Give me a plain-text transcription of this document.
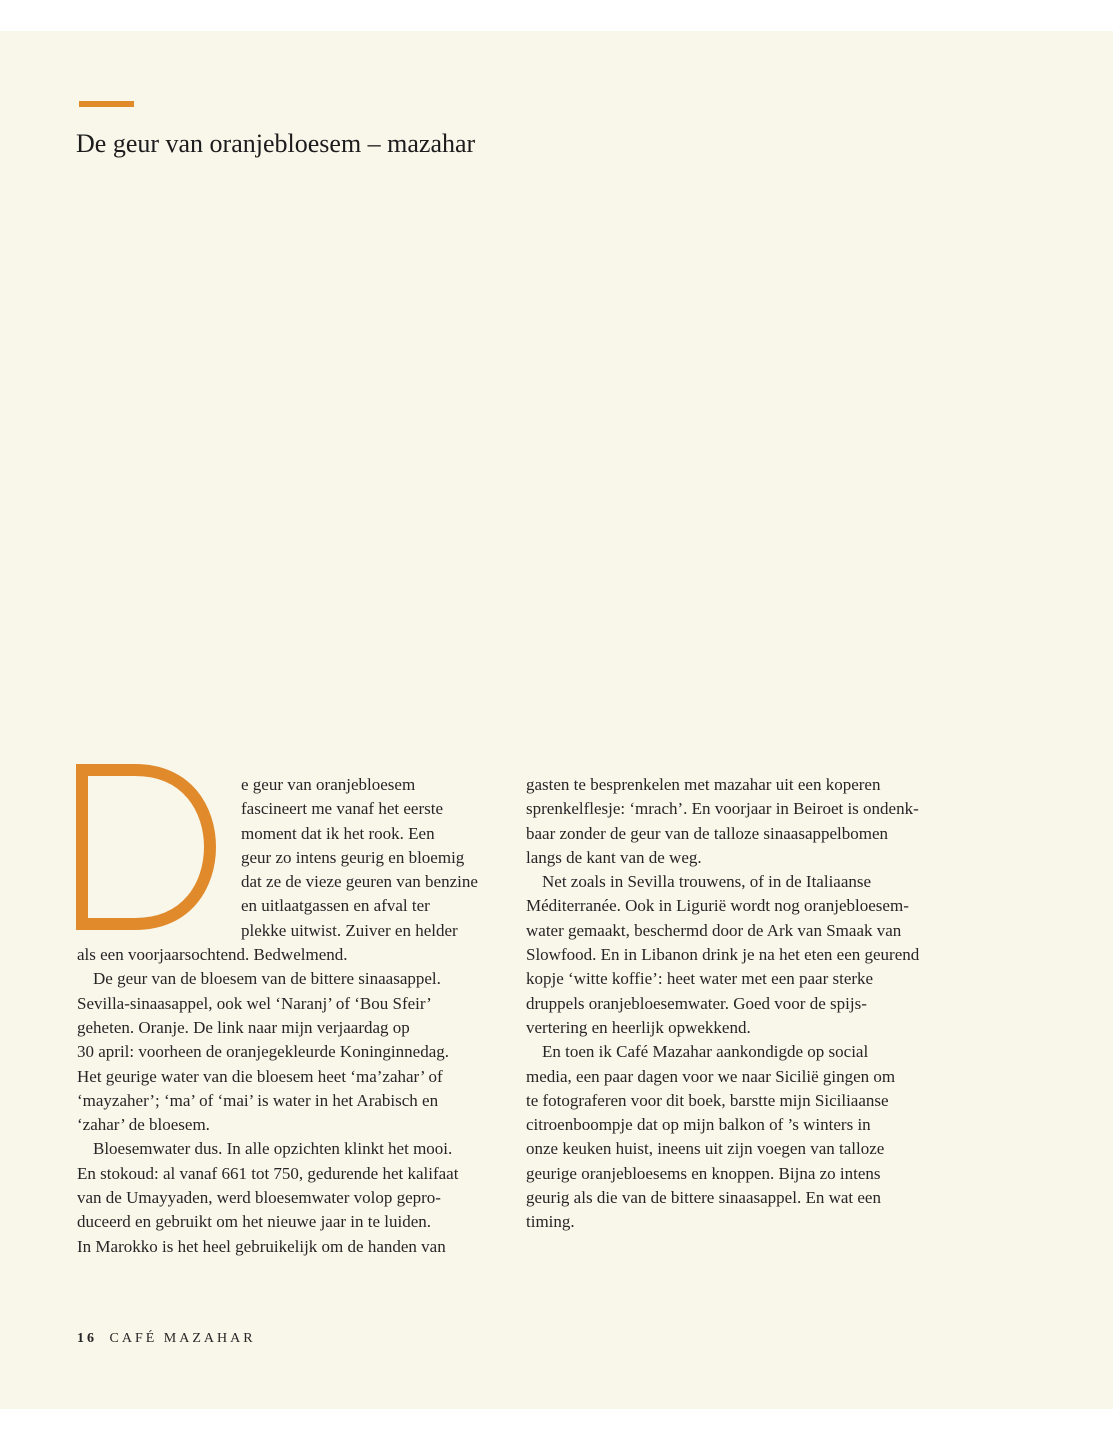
De geur van oranjebloesem – mazahar
e geur van oranjebloesem
fascineert me vanaf het eerste
moment dat ik het rook. Een
geur zo intens geurig en bloemig
dat ze de vieze geuren van benzine
en uitlaatgassen en afval ter
plekke uitwist. Zuiver en helder
als een voorjaarsochtend. Bedwelmend.
De geur van de bloesem van de bittere sinaasappel.
Sevilla-sinaasappel, ook wel ‘Naranj’ of ‘Bou Sfeir’
geheten. Oranje. De link naar mijn verjaardag op
30 april: voorheen de oranjegekleurde Koninginnedag.
Het geurige water van die bloesem heet ‘ma’zahar’ of
‘mayzaher’; ‘ma’ of ‘mai’ is water in het Arabisch en
‘zahar’ de bloesem.
Bloesemwater dus. In alle opzichten klinkt het mooi.
En stokoud: al vanaf 661 tot 750, gedurende het kalifaat
van de Umayyaden, werd bloesemwater volop gepro-
duceerd en gebruikt om het nieuwe jaar in te luiden.
In Marokko is het heel gebruikelijk om de handen van
gasten te besprenkelen met mazahar uit een koperen
sprenkelflesje: ‘mrach’. En voorjaar in Beiroet is ondenk-
baar zonder de geur van de talloze sinaasappelbomen
langs de kant van de weg.
Net zoals in Sevilla trouwens, of in de Italiaanse
Méditerranée. Ook in Ligurië wordt nog oranjebloesem-
water gemaakt, beschermd door de Ark van Smaak van
Slowfood. En in Libanon drink je na het eten een geurend
kopje ‘witte koffie’: heet water met een paar sterke
druppels oranjebloesemwater. Goed voor de spijs-
vertering en heerlijk opwekkend.
En toen ik Café Mazahar aankondigde op social
media, een paar dagen voor we naar Sicilië gingen om
te fotograferen voor dit boek, barstte mijn Siciliaanse
citroenboompje dat op mijn balkon of ’s winters in
onze keuken huist, ineens uit zijn voegen van talloze
geurige oranjebloesems en knoppen. Bijna zo intens
geurig als die van de bittere sinaasappel. En wat een
timing.
16 CAFÉ MAZAHAR
